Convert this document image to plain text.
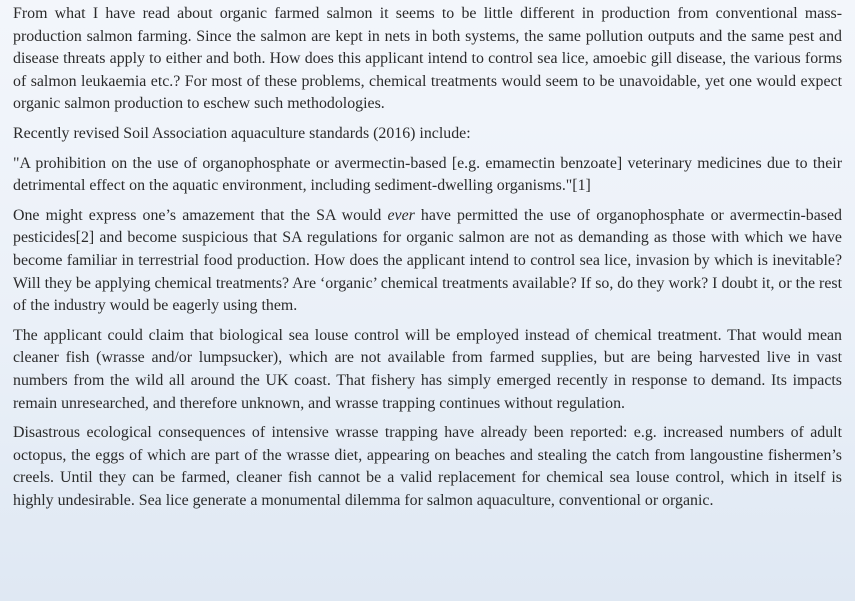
From what I have read about organic farmed salmon it seems to be little different in production from conventional mass-production salmon farming. Since the salmon are kept in nets in both systems, the same pollution outputs and the same pest and disease threats apply to either and both. How does this applicant intend to control sea lice, amoebic gill disease, the various forms of salmon leukaemia etc.? For most of these problems, chemical treatments would seem to be unavoidable, yet one would expect organic salmon production to eschew such methodologies.

Recently revised Soil Association aquaculture standards (2016) include:

"A prohibition on the use of organophosphate or avermectin-based [e.g. emamectin benzoate] veterinary medicines due to their detrimental effect on the aquatic environment, including sediment-dwelling organisms."[1]

One might express one’s amazement that the SA would ever have permitted the use of organophosphate or avermectin-based pesticides[2] and become suspicious that SA regulations for organic salmon are not as demanding as those with which we have become familiar in terrestrial food production. How does the applicant intend to control sea lice, invasion by which is inevitable? Will they be applying chemical treatments? Are ‘organic’ chemical treatments available? If so, do they work? I doubt it, or the rest of the industry would be eagerly using them.

The applicant could claim that biological sea louse control will be employed instead of chemical treatment. That would mean cleaner fish (wrasse and/or lumpsucker), which are not available from farmed supplies, but are being harvested live in vast numbers from the wild all around the UK coast. That fishery has simply emerged recently in response to demand. Its impacts remain unresearched, and therefore unknown, and wrasse trapping continues without regulation.

Disastrous ecological consequences of intensive wrasse trapping have already been reported: e.g. increased numbers of adult octopus, the eggs of which are part of the wrasse diet, appearing on beaches and stealing the catch from langoustine fishermen’s creels. Until they can be farmed, cleaner fish cannot be a valid replacement for chemical sea louse control, which in itself is highly undesirable. Sea lice generate a monumental dilemma for salmon aquaculture, conventional or organic.
